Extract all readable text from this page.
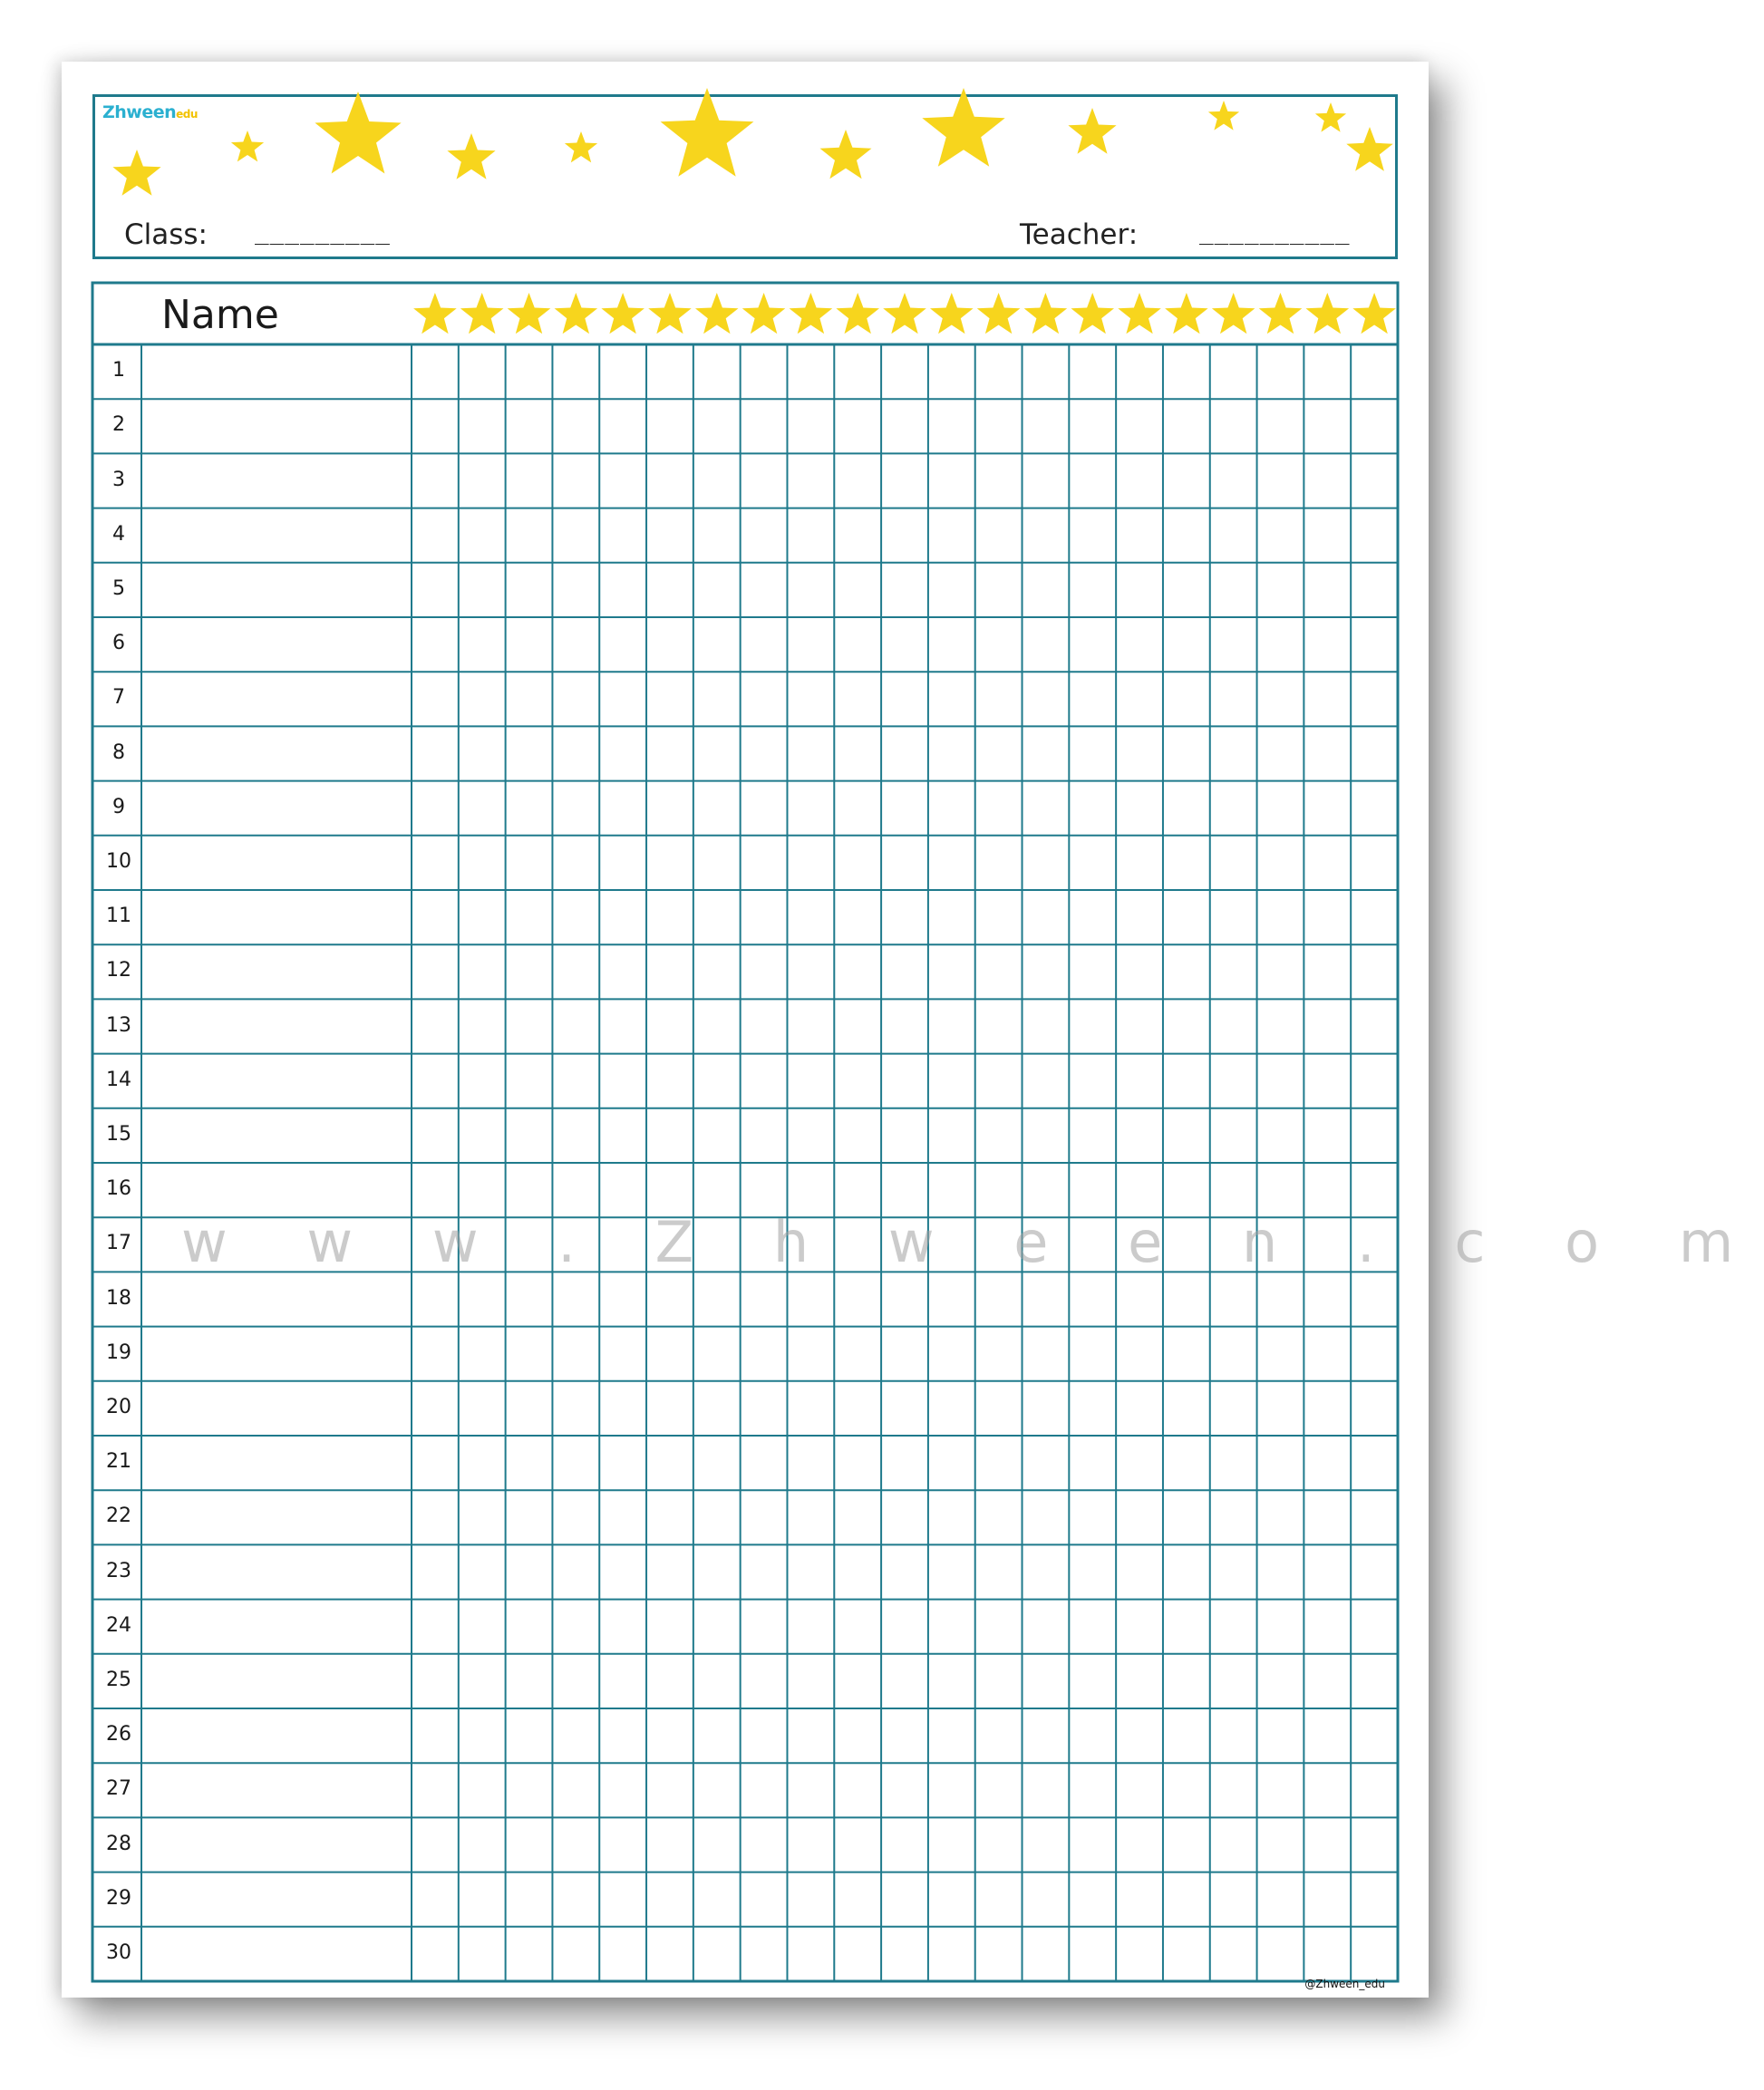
Zhweenedu
Class: _________	Teacher:	__________
Name
1
2
3
4
5
6
7
8
9
10
11
12
13
14
15
16
17
18
19
20
21
22
23
24
25
26
27
28
29
30
w w w . Z h w e e n . c o m
@Zhween_edu
